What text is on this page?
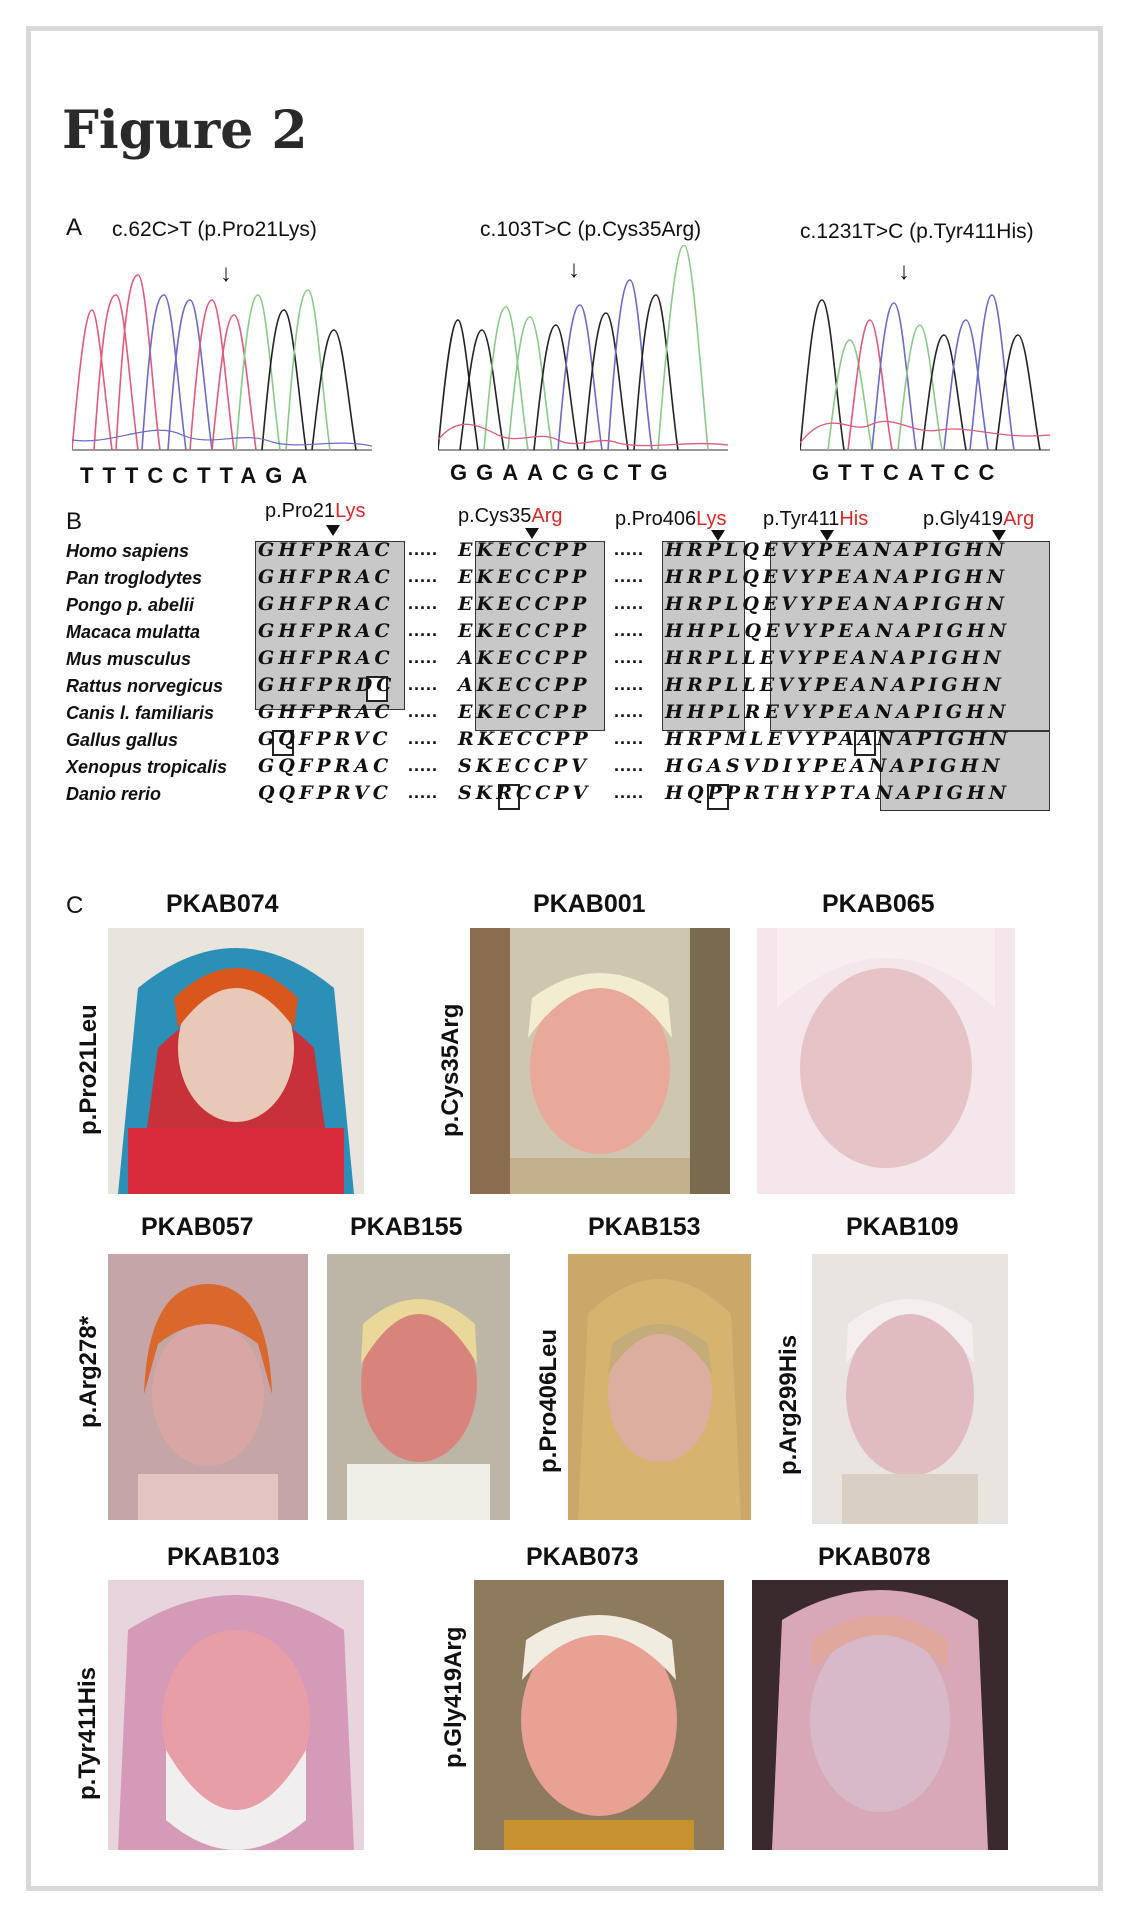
Figure 2
A c.62C>T (p.Pro21Lys)	c.103T>C (p.Cys35Arg)	c.1231T>C (p.Tyr411His)
↓	↓	↓
TTTCCTTAGA	GGAACGCTG	GTTCATCC
B	p.Pro21Lys	p.Cys35Arg	p.Pro406Lys p.Tyr411His	p.Gly419Arg
Homo sapiens	GHFPRAC ..... EKECCPP ..... HRPLQEVYPEANAPIGHN
Pan troglodytes	GHFPRAC ..... EKECCPP ..... HRPLQEVYPEANAPIGHN
Pongo p. abelii	GHFPRAC ..... EKECCPP ..... HRPLQEVYPEANAPIGHN
Macaca mulatta	GHFPRAC ..... EKECCPP ..... HHPLQEVYPEANAPIGHN
Mus musculus	GHFPRAC ..... AKECCPP ..... HRPLLEVYPEANAPIGHN
Rattus norvegicus GHFPRDC ..... AKECCPP ..... HRPLLEVYPEANAPIGHN
Canis l. familiaris GHFPRAC ..... EKECCPP ..... HHPLREVYPEANAPIGHN
Gallus gallus	GQFPRVC ..... RKECCPP ..... HRPMLEVYPAANAPIGHN
Xenopus tropicalis GQFPRAC ..... SKECCPV ..... HGASVDIYPEANAPIGHN
Danio rerio	QQFPRVC ..... SKRCCPV ..... HQPPRTHYPTANAPIGHN
C	PKAB074	PKAB001	PKAB065
PKAB057	PKAB155	PKAB153	PKAB109
PKAB103	PKAB073	PKAB078
p.Pro21Leu	p.Cys35Arg
p.Arg278*	p.Pro406Leu	p.Arg299His
p.Tyr411His	p.Gly419Arg
